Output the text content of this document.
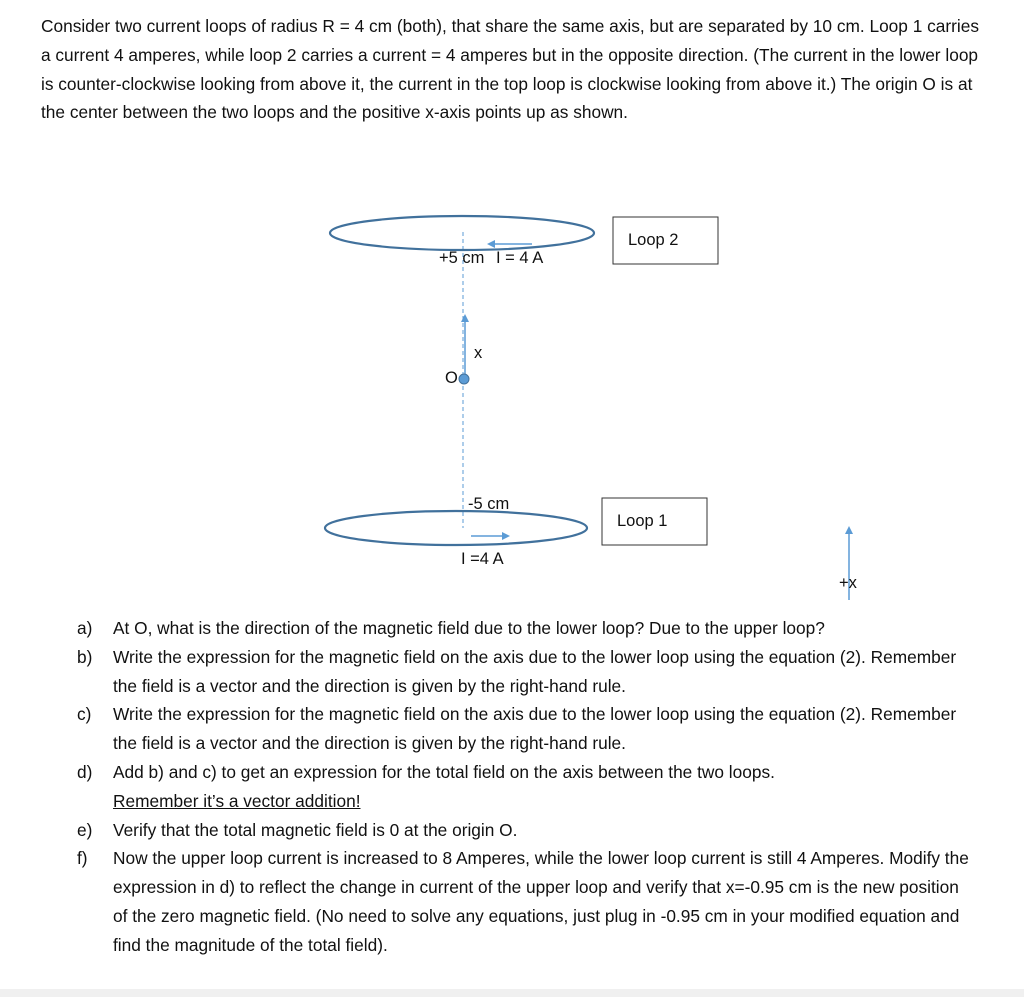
Consider two current loops of radius R = 4 cm (both), that share the same axis, but are separated by 10 cm. Loop 1 carries a current 4 amperes, while loop 2 carries a current = 4 amperes but in the opposite direction. (The current in the lower loop is counter-clockwise looking from above it, the current in the top loop is clockwise looking from above it.) The origin O is at the center between the two loops and the positive x-axis points up as shown.
+5 cm I = 4 A
Loop 2
x
O
-5 cm
I =4 A
Loop 1
+x
a) At O, what is the direction of the magnetic field due to the lower loop? Due to the upper loop?
b) Write the expression for the magnetic field on the axis due to the lower loop using the equation (2). Remember the field is a vector and the direction is given by the right-hand rule.
c) Write the expression for the magnetic field on the axis due to the lower loop using the equation (2). Remember the field is a vector and the direction is given by the right-hand rule.
d) Add b) and c) to get an expression for the total field on the axis between the two loops.
Remember it’s a vector addition!
e) Verify that the total magnetic field is 0 at the origin O.
f) Now the upper loop current is increased to 8 Amperes, while the lower loop current is still 4 Amperes. Modify the expression in d) to reflect the change in current of the upper loop and verify that x=-0.95 cm is the new position of the zero magnetic field. (No need to solve any equations, just plug in -0.95 cm in your modified equation and find the magnitude of the total field).
